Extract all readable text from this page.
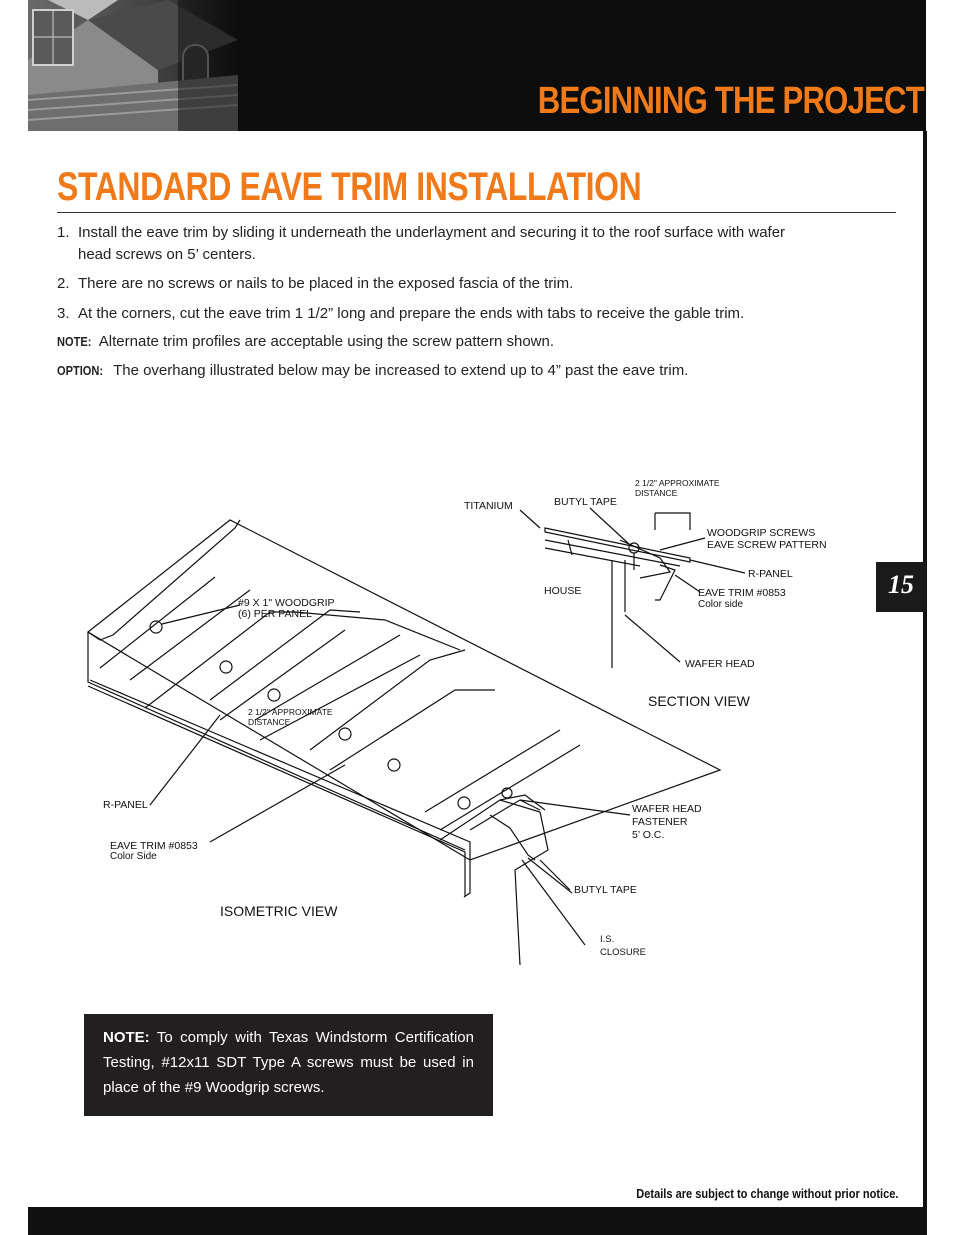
BEGINNING THE PROJECT
15
STANDARD EAVE TRIM INSTALLATION
1. Install the eave trim by sliding it underneath the underlayment and securing it to the roof surface with wafer head screws on 5’ centers.
2. There are no screws or nails to be placed in the exposed fascia of the trim.
3. At the corners, cut the eave trim 1 1/2” long and prepare the ends with tabs to receive the gable trim.
NOTE: Alternate trim profiles are acceptable using the screw pattern shown.
OPTION: The overhang illustrated below may be increased to extend up to 4” past the eave trim.
#9 X 1" WOODGRIP
(6) PER PANEL
2 1/2" APPROXIMATE
DISTANCE
R-PANEL
EAVE TRIM #0853
Color Side
WAFER HEAD
FASTENER
5’ O.C.
BUTYL TAPE
I.S.
CLOSURE
ISOMETRIC VIEW
2 1/2" APPROXIMATE
DISTANCE
TITANIUM	BUTYL TAPE
WOODGRIP SCREWS
EAVE SCREW PATTERN
R-PANEL
HOUSE	EAVE TRIM #0853
Color side
WAFER HEAD
SECTION VIEW
NOTE: To comply with Texas Windstorm Certification Testing, #12x11 SDT Type A screws must be used in place of the #9 Woodgrip screws.
Details are subject to change without prior notice.
